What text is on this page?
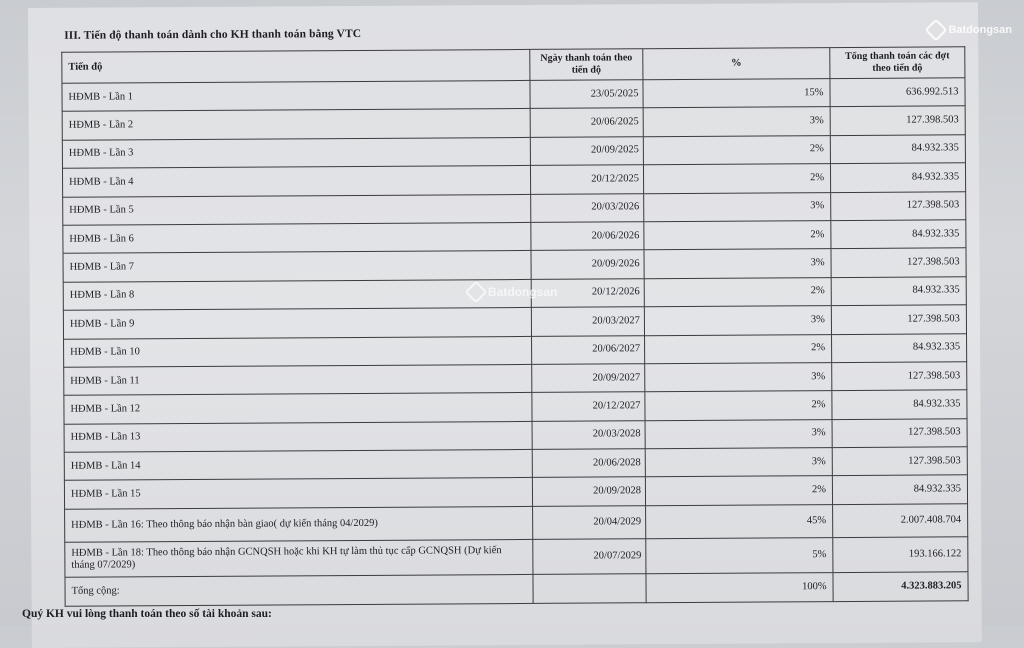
III. Tiến độ thanh toán dành cho KH thanh toán bằng VTC
Tiến độ	Ngày thanh toán theo tiến độ	%	Tổng thanh toán các đợt theo tiến độ
HĐMB - Lần 1	23/05/2025	15%	636.992.513
HĐMB - Lần 2	20/06/2025	3%	127.398.503
HĐMB - Lần 3	20/09/2025	2%	84.932.335
HĐMB - Lần 4	20/12/2025	2%	84.932.335
HĐMB - Lần 5	20/03/2026	3%	127.398.503
HĐMB - Lần 6	20/06/2026	2%	84.932.335
HĐMB - Lần 7	20/09/2026	3%	127.398.503
HĐMB - Lần 8	20/12/2026	2%	84.932.335
HĐMB - Lần 9	20/03/2027	3%	127.398.503
HĐMB - Lần 10	20/06/2027	2%	84.932.335
HĐMB - Lần 11	20/09/2027	3%	127.398.503
HĐMB - Lần 12	20/12/2027	2%	84.932.335
HĐMB - Lần 13	20/03/2028	3%	127.398.503
HĐMB - Lần 14	20/06/2028	3%	127.398.503
HĐMB - Lần 15	20/09/2028	2%	84.932.335
HĐMB - Lần 16: Theo thông báo nhận bàn giao( dự kiến tháng 04/2029)	20/04/2029	45%	2.007.408.704
HĐMB - Lần 18: Theo thông báo nhận GCNQSH hoặc khi KH tự làm thủ tục cấp GCNQSH (Dự kiến tháng 07/2029)	20/07/2029	5%	193.166.122
Tổng cộng:		100%	4.323.883.205
Quý KH vui lòng thanh toán theo số tài khoản sau:
Batdongsan
Batdongsan
